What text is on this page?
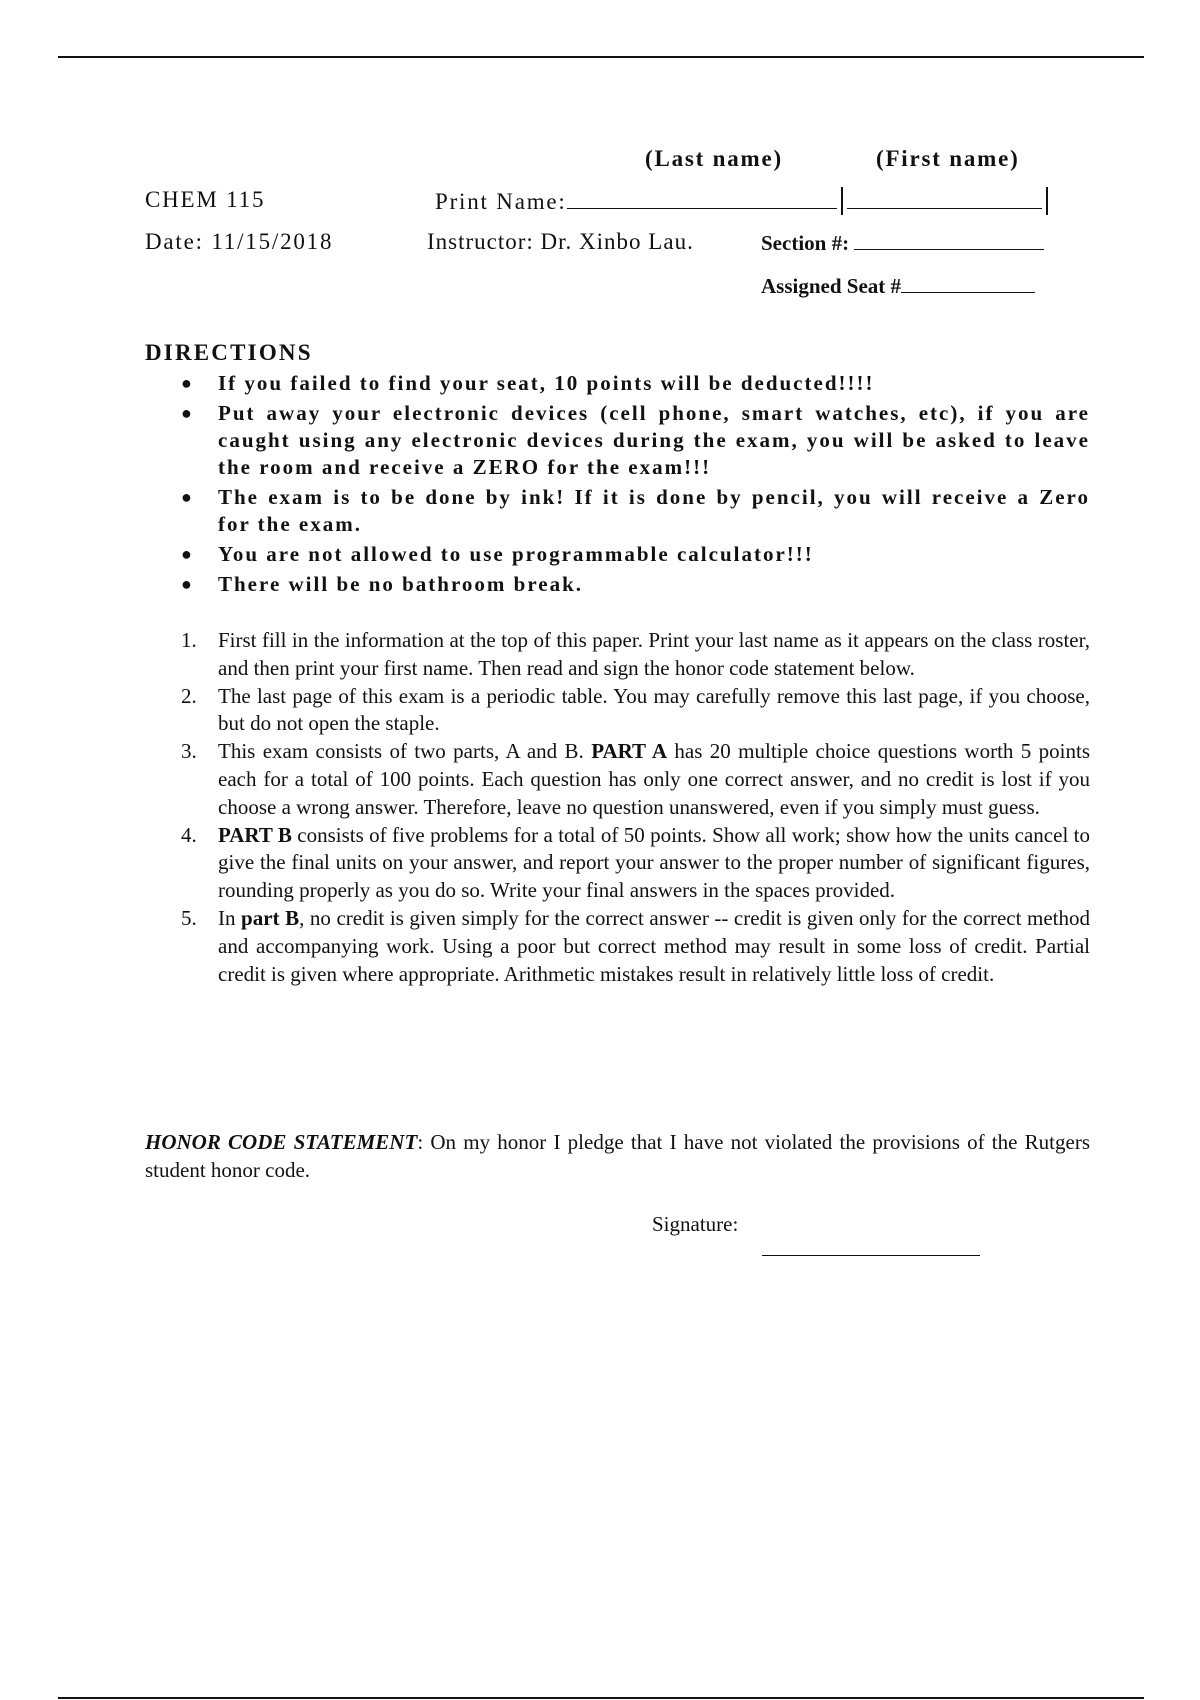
(Last name)	(First name)
CHEM 115	Print Name:
Date: 11/15/2018	Instructor: Dr. Xinbo Lau.	Section #:
Assigned Seat #
DIRECTIONS
● If you failed to find your seat, 10 points will be deducted!!!!
● Put away your electronic devices (cell phone, smart watches, etc), if you are caught using any electronic devices during the exam, you will be asked to leave the room and receive a ZERO for the exam!!!
● The exam is to be done by ink! If it is done by pencil, you will receive a Zero for the exam.
● You are not allowed to use programmable calculator!!!
● There will be no bathroom break.
1. First fill in the information at the top of this paper. Print your last name as it appears on the class roster, and then print your first name. Then read and sign the honor code statement below.
2. The last page of this exam is a periodic table. You may carefully remove this last page, if you choose, but do not open the staple.
3. This exam consists of two parts, A and B. PART A has 20 multiple choice questions worth 5 points each for a total of 100 points. Each question has only one correct answer, and no credit is lost if you choose a wrong answer. Therefore, leave no question unanswered, even if you simply must guess.
4. PART B consists of five problems for a total of 50 points. Show all work; show how the units cancel to give the final units on your answer, and report your answer to the proper number of significant figures, rounding properly as you do so. Write your final answers in the spaces provided.
5. In part B, no credit is given simply for the correct answer -- credit is given only for the correct method and accompanying work. Using a poor but correct method may result in some loss of credit. Partial credit is given where appropriate. Arithmetic mistakes result in relatively little loss of credit.
HONOR CODE STATEMENT: On my honor I pledge that I have not violated the provisions of the Rutgers student honor code.
Signature:
